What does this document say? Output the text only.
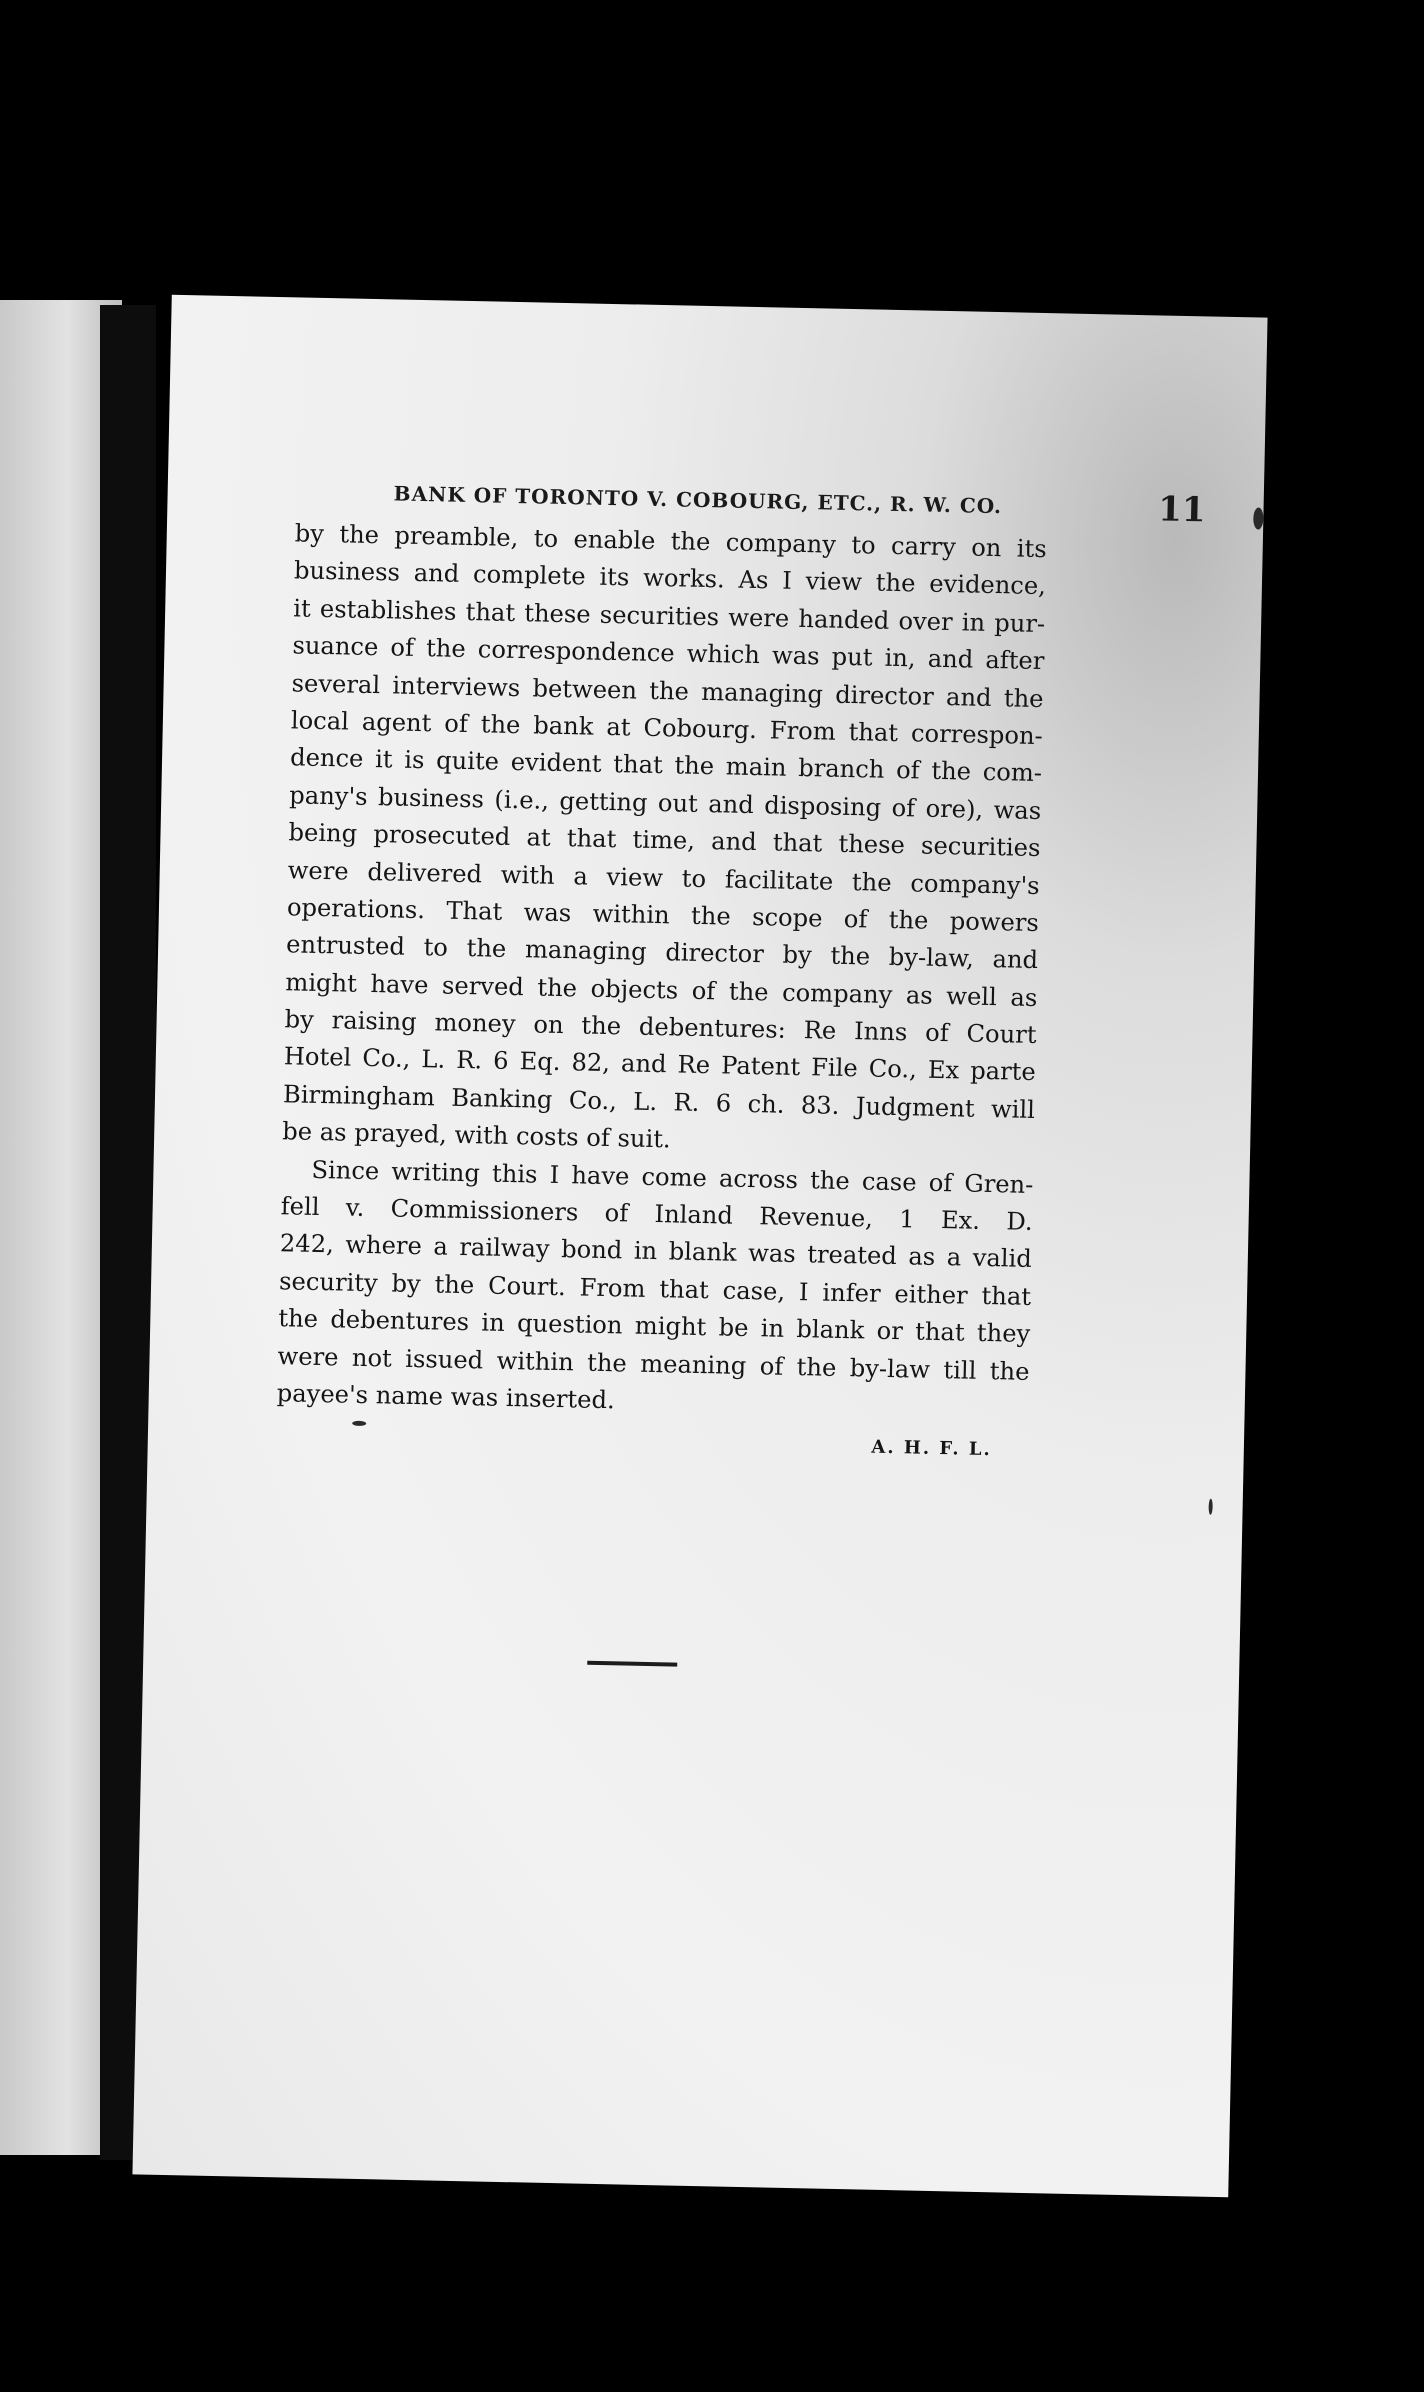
BANK OF TORONTO V. COBOURG, ETC., R. W. CO.	11
by the preamble, to enable the company to carry on its
business and complete its works. As I view the evidence,
it establishes that these securities were handed over in pur-
suance of the correspondence which was put in, and after
several interviews between the managing director and the
local agent of the bank at Cobourg. From that correspon-
dence it is quite evident that the main branch of the com-
pany's business (i.e., getting out and disposing of ore), was
being prosecuted at that time, and that these securities
were delivered with a view to facilitate the company's
operations. That was within the scope of the powers
entrusted to the managing director by the by-law, and
might have served the objects of the company as well as
by raising money on the debentures: Re Inns of Court
Hotel Co., L. R. 6 Eq. 82, and Re Patent File Co., Ex parte
Birmingham Banking Co., L. R. 6 ch. 83. Judgment will
be as prayed, with costs of suit.
Since writing this I have come across the case of Gren-
fell v. Commissioners of Inland Revenue, 1 Ex. D.
242, where a railway bond in blank was treated as a valid
security by the Court. From that case, I infer either that
the debentures in question might be in blank or that they
were not issued within the meaning of the by-law till the
payee's name was inserted.
A. H. F. L.
